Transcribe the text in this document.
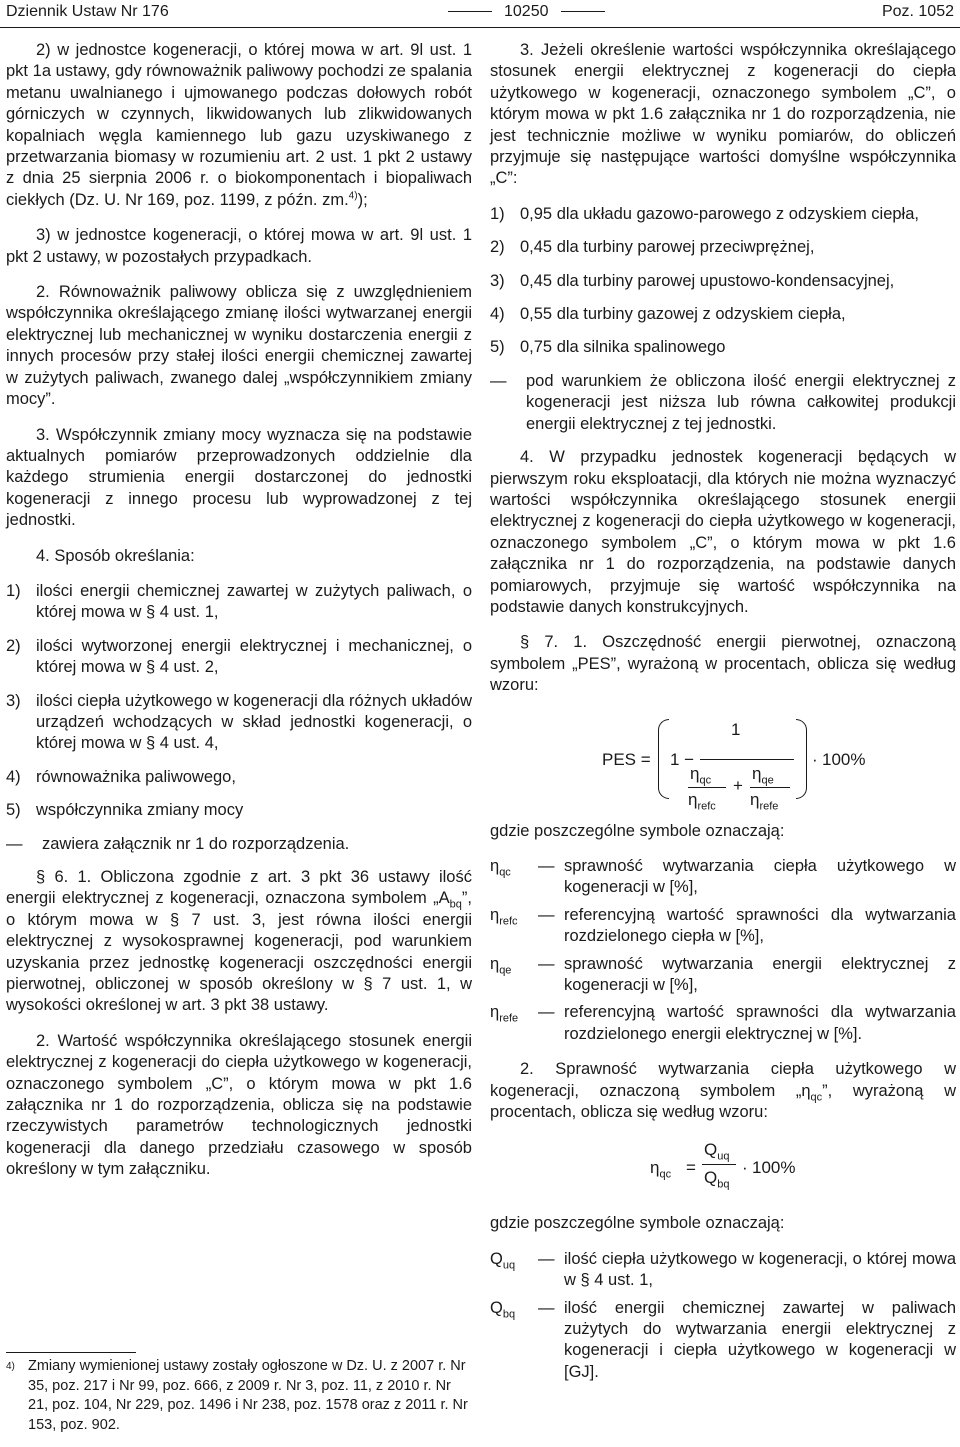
Dziennik Ustaw Nr 176	10250	Poz. 1052

2) w jednostce kogeneracji, o której mowa w art. 9l ust. 1 pkt 1a ustawy, gdy równoważnik paliwowy pochodzi ze spalania metanu uwalnianego i ujmowanego podczas dołowych robót górniczych w czynnych, likwidowanych lub zlikwidowanych kopalniach węgla kamiennego lub gazu uzyskiwanego z przetwarzania biomasy w rozumieniu art. 2 ust. 1 pkt 2 ustawy z dnia 25 sierpnia 2006 r. o biokomponentach i biopaliwach ciekłych (Dz. U. Nr 169, poz. 1199, z późn. zm.$^{4)}$);

3) w jednostce kogeneracji, o której mowa w art. 9l ust. 1 pkt 2 ustawy, w pozostałych przypadkach.

2. Równoważnik paliwowy oblicza się z uwzględnieniem współczynnika określającego zmianę ilości wytwarzanej energii elektrycznej lub mechanicznej w wyniku dostarczenia energii z innych procesów przy stałej ilości energii chemicznej zawartej w zużytych paliwach, zwanego dalej „współczynnikiem zmiany mocy”.

3. Współczynnik zmiany mocy wyznacza się na podstawie aktualnych pomiarów przeprowadzonych oddzielnie dla każdego strumienia energii dostarczonej do jednostki kogeneracji z innego procesu lub wyprowadzonej z tej jednostki.

4. Sposób określania:

1) ilości energii chemicznej zawartej w zużytych paliwach, o której mowa w § 4 ust. 1,
2) ilości wytworzonej energii elektrycznej i mechanicznej, o której mowa w § 4 ust. 2,
3) ilości ciepła użytkowego w kogeneracji dla różnych układów urządzeń wchodzących w skład jednostki kogeneracji, o której mowa w § 4 ust. 4,
4) równoważnika paliwowego,
5) współczynnika zmiany mocy
—	zawiera załącznik nr 1 do rozporządzenia.

§ 6. 1. Obliczona zgodnie z art. 3 pkt 36 ustawy ilość energii elektrycznej z kogeneracji, oznaczona symbolem $„A_{bq}$”, o którym mowa w § 7 ust. 3, jest równa ilości energii elektrycznej z wysokosprawnej kogeneracji, pod warunkiem uzyskania przez jednostkę kogeneracji oszczędności energii pierwotnej, obliczonej w sposób określony w § 7 ust. 1, w wysokości określonej w art. 3 pkt 38 ustawy.

2. Wartość współczynnika określającego stosunek energii elektrycznej z kogeneracji do ciepła użytkowego w kogeneracji, oznaczonego symbolem „C”, o którym mowa w pkt 1.6 załącznika nr 1 do rozporządzenia, oblicza się na podstawie rzeczywistych parametrów technologicznych jednostki kogeneracji dla danego przedziału czasowego w sposób określony w tym załączniku.

4) Zmiany wymienionej ustawy zostały ogłoszone w Dz. U. z 2007 r. Nr 35, poz. 217 i Nr 99, poz. 666, z 2009 r. Nr 3, poz. 11, z 2010 r. Nr 21, poz. 104, Nr 229, poz. 1496 i Nr 238, poz. 1578 oraz z 2011 r. Nr 153, poz. 902.

3. Jeżeli określenie wartości współczynnika określającego stosunek energii elektrycznej z kogeneracji do ciepła użytkowego w kogeneracji, oznaczonego symbolem „C”, o którym mowa w pkt 1.6 załącznika nr 1 do rozporządzenia, nie jest technicznie możliwe w wyniku pomiarów, do obliczeń przyjmuje się następujące wartości domyślne współczynnika „C”:

1) 0,95 dla układu gazowo-parowego z odzyskiem ciepła,
2) 0,45 dla turbiny parowej przeciwprężnej,
3) 0,45 dla turbiny parowej upustowo-kondensacyjnej,
4) 0,55 dla turbiny gazowej z odzyskiem ciepła,
5) 0,75 dla silnika spalinowego
—	pod warunkiem że obliczona ilość energii elektrycznej z kogeneracji jest niższa lub równa całkowitej produkcji energii elektrycznej z tej jednostki.

4. W przypadku jednostek kogeneracji będących w pierwszym roku eksploatacji, dla których nie można wyznaczyć wartości współczynnika określającego stosunek energii elektrycznej z kogeneracji do ciepła użytkowego w kogeneracji, oznaczonego symbolem „C”, o którym mowa w pkt 1.6 załącznika nr 1 do rozporządzenia, na podstawie danych pomiarowych, przyjmuje się wartość współczynnika na podstawie danych konstrukcyjnych.

§ 7. 1. Oszczędność energii pierwotnej, oznaczoną symbolem „PES”, wyrażoną w procentach, oblicza się według wzoru:

PES = 1 −
1
$\eta_{qc}$
$\eta_{refc}$
+
$\eta_{qe}$
$\eta_{refe}$
· 100%

gdzie poszczególne symbole oznaczają:

$\eta_{qc}$	— sprawność wytwarzania ciepła użytkowego w kogeneracji w [%],
$\eta_{refc}$	— referencyjną wartość sprawności dla wytwarzania rozdzielonego ciepła w [%],
$\eta_{qe}$	— sprawność wytwarzania energii elektrycznej z kogeneracji w [%],
$\eta_{refe}$	— referencyjną wartość sprawności dla wytwarzania rozdzielonego energii elektrycznej w [%].

2. Sprawność wytwarzania ciepła użytkowego w kogeneracji, oznaczoną symbolem $„\eta_{qc}$”, wyrażoną w procentach, oblicza się według wzoru:

$\eta_{qc}$ =
$Q_{uq}$
$Q_{bq}$
· 100%

gdzie poszczególne symbole oznaczają:

$Q_{uq}$	— ilość ciepła użytkowego w kogeneracji, o której mowa w § 4 ust. 1,
$Q_{bq}$	— ilość energii chemicznej zawartej w paliwach zużytych do wytwarzania energii elektrycznej z kogeneracji i ciepła użytkowego w kogeneracji w [GJ].
